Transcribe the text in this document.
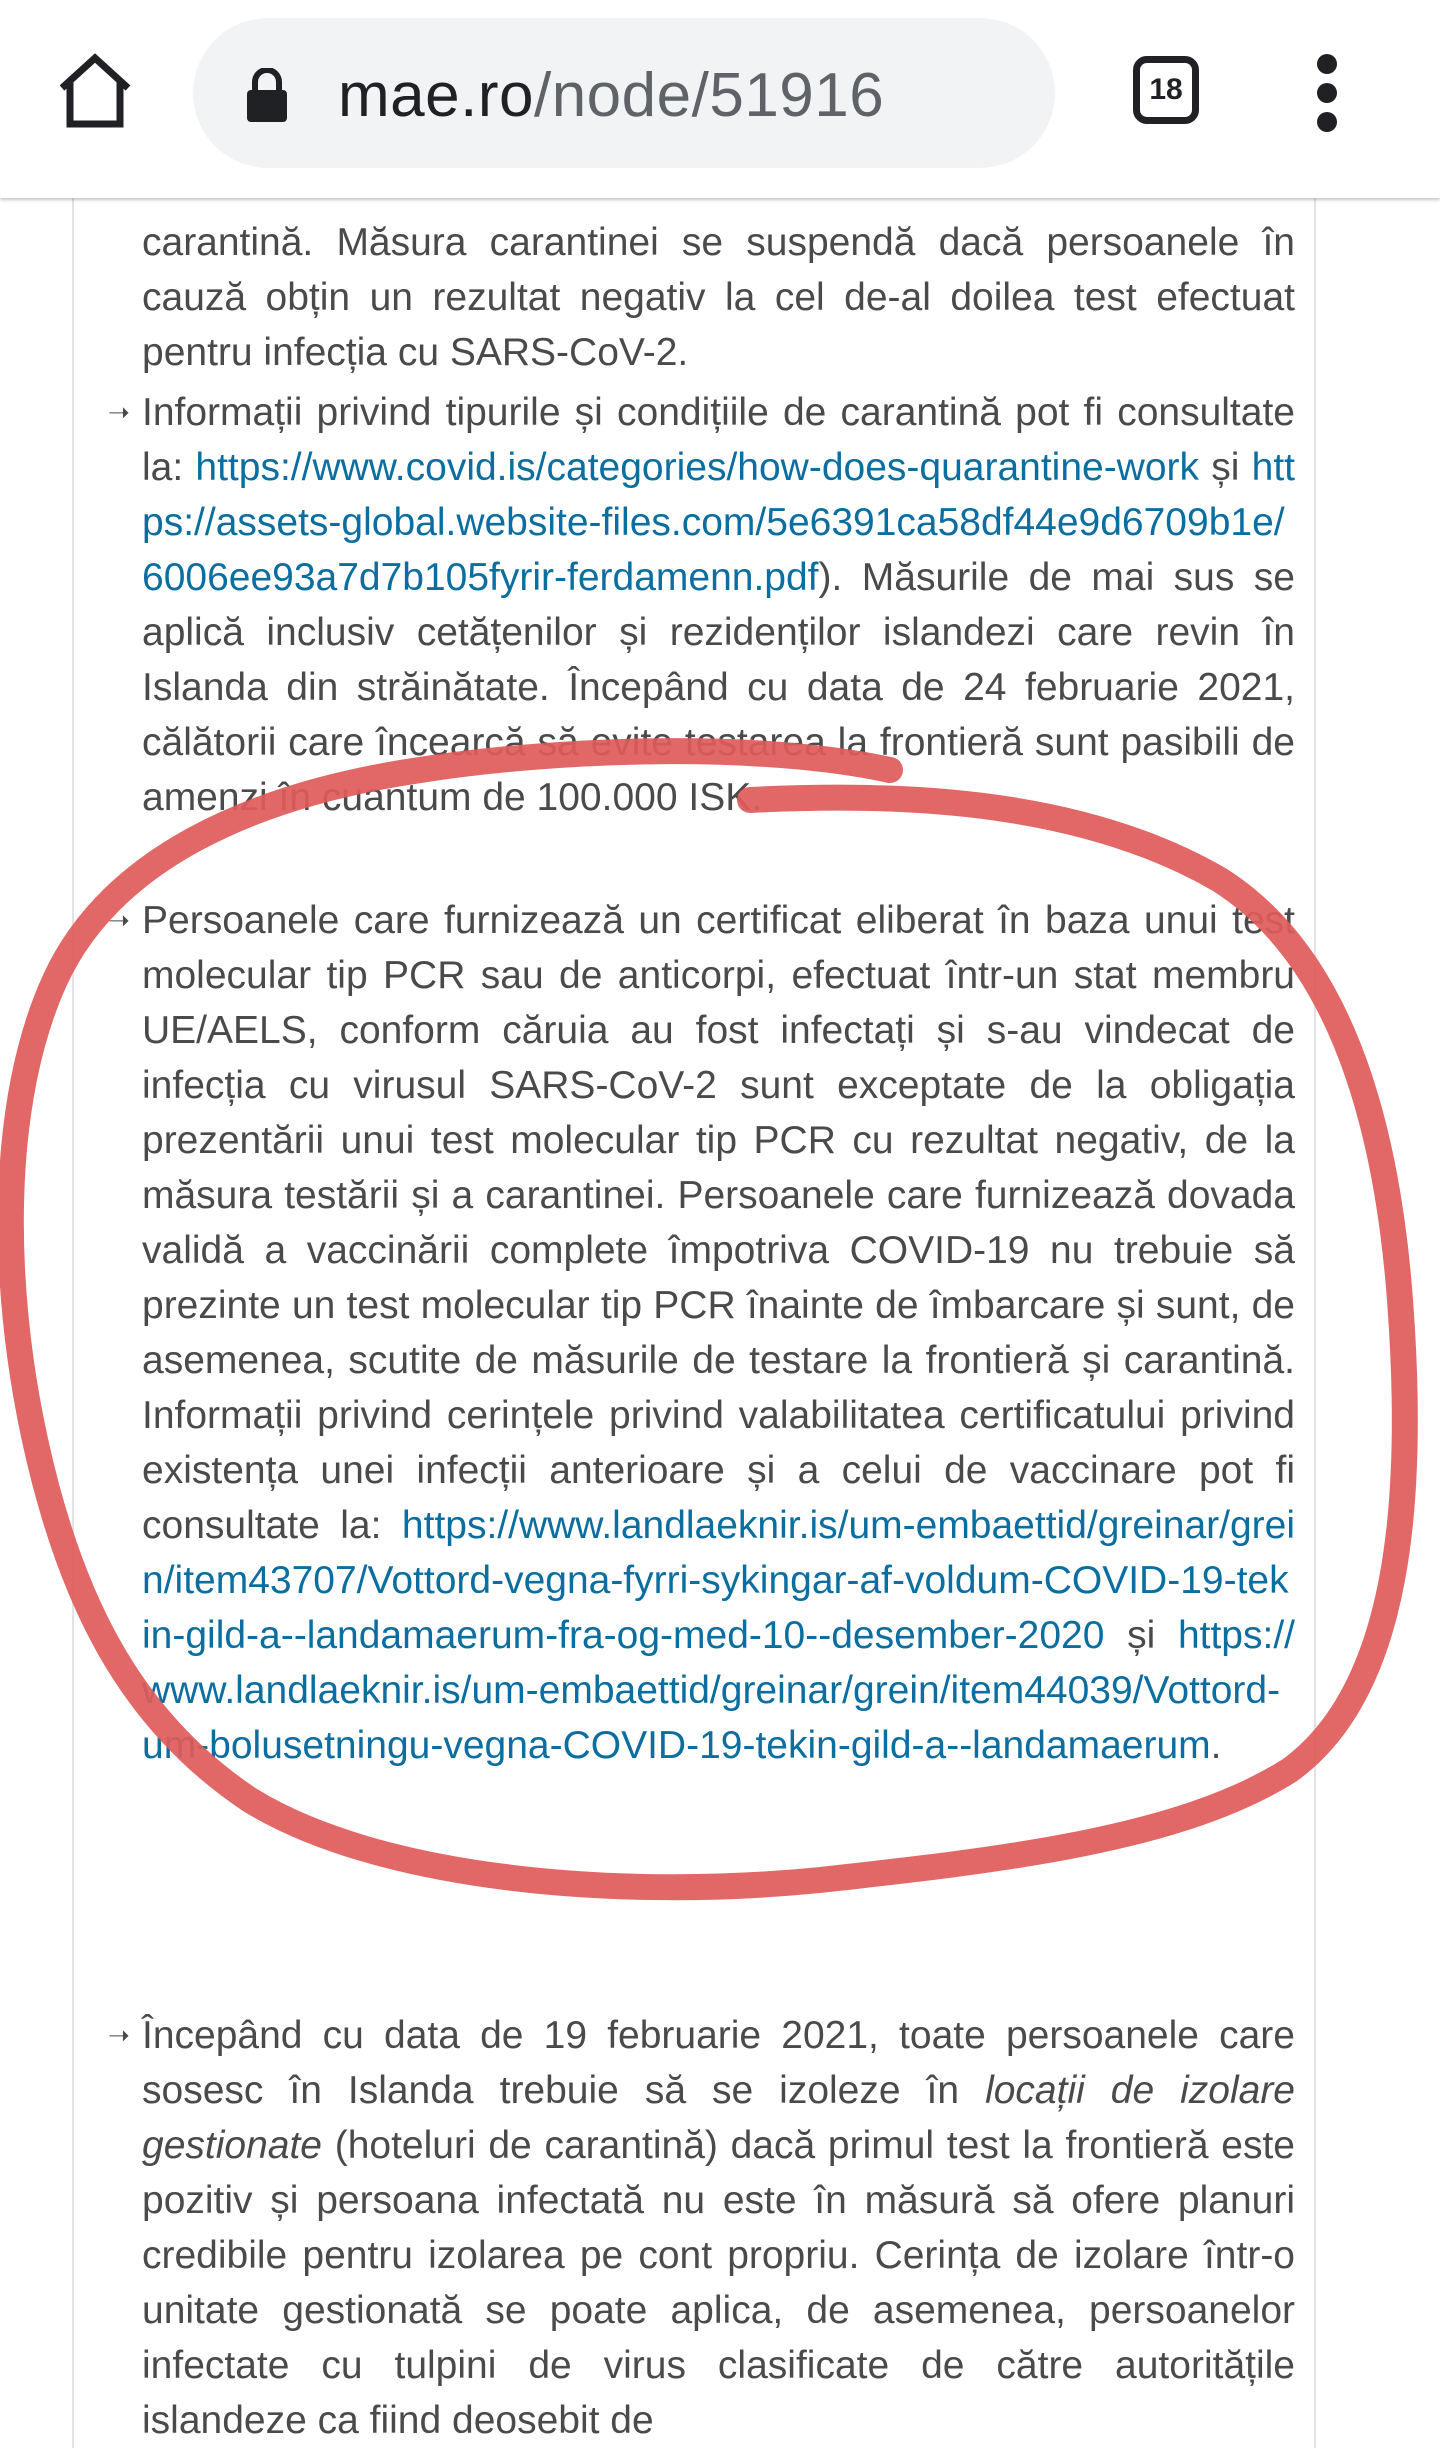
mae.ro/node/51916	18
carantină. Măsura carantinei se suspendă dacă persoanele în cauză obțin un rezultat negativ la cel de-al doilea test efectuat pentru infecția cu SARS-CoV-2.
➝ Informații privind tipurile și condițiile de carantină pot fi consultate la: https://www.covid.is/categories/how-does-quarantine-work și https://assets-global.website-files.com/5e6391ca58df44e9d6709b1e/6006ee93a7d7b105fyrir-ferdamenn.pdf). Măsurile de mai sus se aplică inclusiv cetățenilor și rezidenților islandezi care revin în Islanda din străinătate. Începând cu data de 24 februarie 2021, călătorii care încearcă să evite testarea la frontieră sunt pasibili de amenzi în cuantum de 100.000 ISK.
➝ Persoanele care furnizează un certificat eliberat în baza unui test molecular tip PCR sau de anticorpi, efectuat într-un stat membru UE/AELS, conform căruia au fost infectați și s-au vindecat de infecția cu virusul SARS-CoV-2 sunt exceptate de la obligația prezentării unui test molecular tip PCR cu rezultat negativ, de la măsura testării și a carantinei. Persoanele care furnizează dovada validă a vaccinării complete împotriva COVID-19 nu trebuie să prezinte un test molecular tip PCR înainte de îmbarcare și sunt, de asemenea, scutite de măsurile de testare la frontieră și carantină. Informații privind cerințele privind valabilitatea certificatului privind existența unei infecții anterioare și a celui de vaccinare pot fi consultate la: https://www.landlaeknir.is/um-embaettid/greinar/grein/item43707/Vottord-vegna-fyrri-sykingar-af-voldum-COVID-19-tekin-gild-a--landamaerum-fra-og-med-10--desember-2020 și https://www.landlaeknir.is/um-embaettid/greinar/grein/item44039/Vottord-um-bolusetningu-vegna-COVID-19-tekin-gild-a--landamaerum.
➝ Începând cu data de 19 februarie 2021, toate persoanele care sosesc în Islanda trebuie să se izoleze în locații de izolare gestionate (hoteluri de carantină) dacă primul test la frontieră este pozitiv și persoana infectată nu este în măsură să ofere planuri credibile pentru izolarea pe cont propriu. Cerința de izolare într-o unitate gestionată se poate aplica, de asemenea, persoanelor infectate cu tulpini de virus clasificate de către autoritățile islandeze ca fiind deosebit de
